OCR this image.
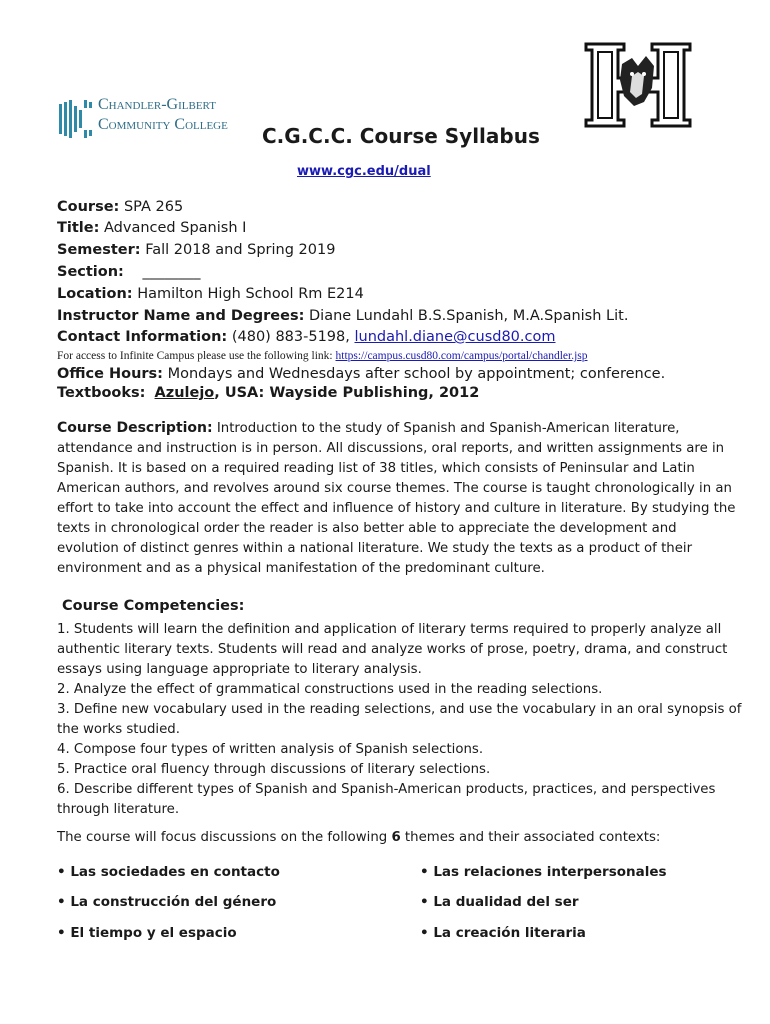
Chandler-Gilbert
Community College C.G.C.C. Course Syllabus
www.cgc.edu/dual
Course: SPA 265
Title: Advanced Spanish I
Semester: Fall 2018 and Spring 2019
Section: ________
Location: Hamilton High School Rm E214
Instructor Name and Degrees: Diane Lundahl B.S.Spanish, M.A.Spanish Lit.
Contact Information: (480) 883-5198, lundahl.diane@cusd80.com
For access to Infinite Campus please use the following link: https://campus.cusd80.com/campus/portal/chandler.jsp
Office Hours: Mondays and Wednesdays after school by appointment; conference.
Textbooks: Azulejo, USA: Wayside Publishing, 2012
Course Description: Introduction to the study of Spanish and Spanish-American literature, attendance and instruction is in person. All discussions, oral reports, and written assignments are in Spanish. It is based on a required reading list of 38 titles, which consists of Peninsular and Latin American authors, and revolves around six course themes. The course is taught chronologically in an effort to take into account the effect and influence of history and culture in literature. By studying the texts in chronological order the reader is also better able to appreciate the development and evolution of distinct genres within a national literature. We study the texts as a product of their environment and as a physical manifestation of the predominant culture.
Course Competencies:
1. Students will learn the definition and application of literary terms required to properly analyze all authentic literary texts. Students will read and analyze works of prose, poetry, drama, and construct essays using language appropriate to literary analysis.
2. Analyze the effect of grammatical constructions used in the reading selections.
3. Define new vocabulary used in the reading selections, and use the vocabulary in an oral synopsis of the works studied.
4. Compose four types of written analysis of Spanish selections.
5. Practice oral fluency through discussions of literary selections.
6. Describe different types of Spanish and Spanish-American products, practices, and perspectives through literature.
The course will focus discussions on the following 6 themes and their associated contexts:
• Las sociedades en contacto	• Las relaciones interpersonales
• La construcción del género	• La dualidad del ser
• El tiempo y el espacio	• La creación literaria
